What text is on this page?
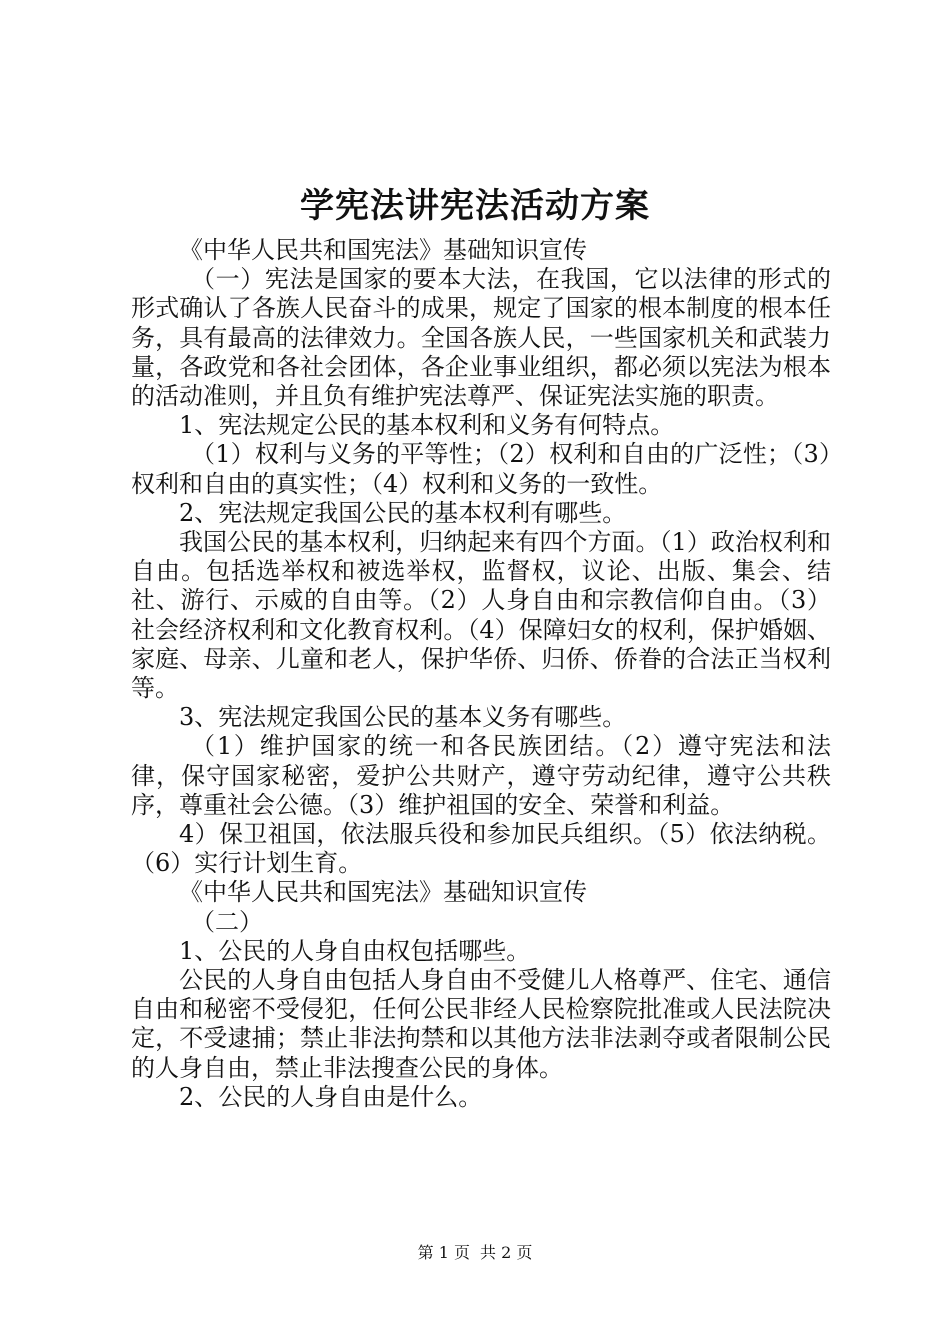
学宪法讲宪法活动方案

《中华人民共和国宪法》基础知识宣传

（一）宪法是国家的要本大法，在我国，它以法律的形式的形式确认了各族人民奋斗的成果，规定了国家的根本制度的根本任务，具有最高的法律效力。全国各族人民，一些国家机关和武装力量，各政党和各社会团体，各企业事业组织，都必须以宪法为根本的活动准则，并且负有维护宪法尊严、保证宪法实施的职责。

1、宪法规定公民的基本权利和义务有何特点。

（1）权利与义务的平等性；（2）权利和自由的广泛性；（3）权利和自由的真实性；（4）权利和义务的一致性。

2、宪法规定我国公民的基本权利有哪些。

我国公民的基本权利，归纳起来有四个方面。（1）政治权利和自由。包括选举权和被选举权，监督权，议论、出版、集会、结社、游行、示威的自由等。（2）人身自由和宗教信仰自由。（3）社会经济权利和文化教育权利。（4）保障妇女的权利，保护婚姻、家庭、母亲、儿童和老人，保护华侨、归侨、侨眷的合法正当权利等。

3、宪法规定我国公民的基本义务有哪些。

（1）维护国家的统一和各民族团结。（2）遵守宪法和法律，保守国家秘密，爱护公共财产，遵守劳动纪律，遵守公共秩序，尊重社会公德。（3）维护祖国的安全、荣誉和利益。

4）保卫祖国，依法服兵役和参加民兵组织。（5）依法纳税。（6）实行计划生育。

《中华人民共和国宪法》基础知识宣传

（二）

1、公民的人身自由权包括哪些。

公民的人身自由包括人身自由不受健儿人格尊严、住宅、通信自由和秘密不受侵犯，任何公民非经人民检察院批准或人民法院决定，不受逮捕；禁止非法拘禁和以其他方法非法剥夺或者限制公民的人身自由，禁止非法搜查公民的身体。

2、公民的人身自由是什么。

第 1 页 共 2 页
